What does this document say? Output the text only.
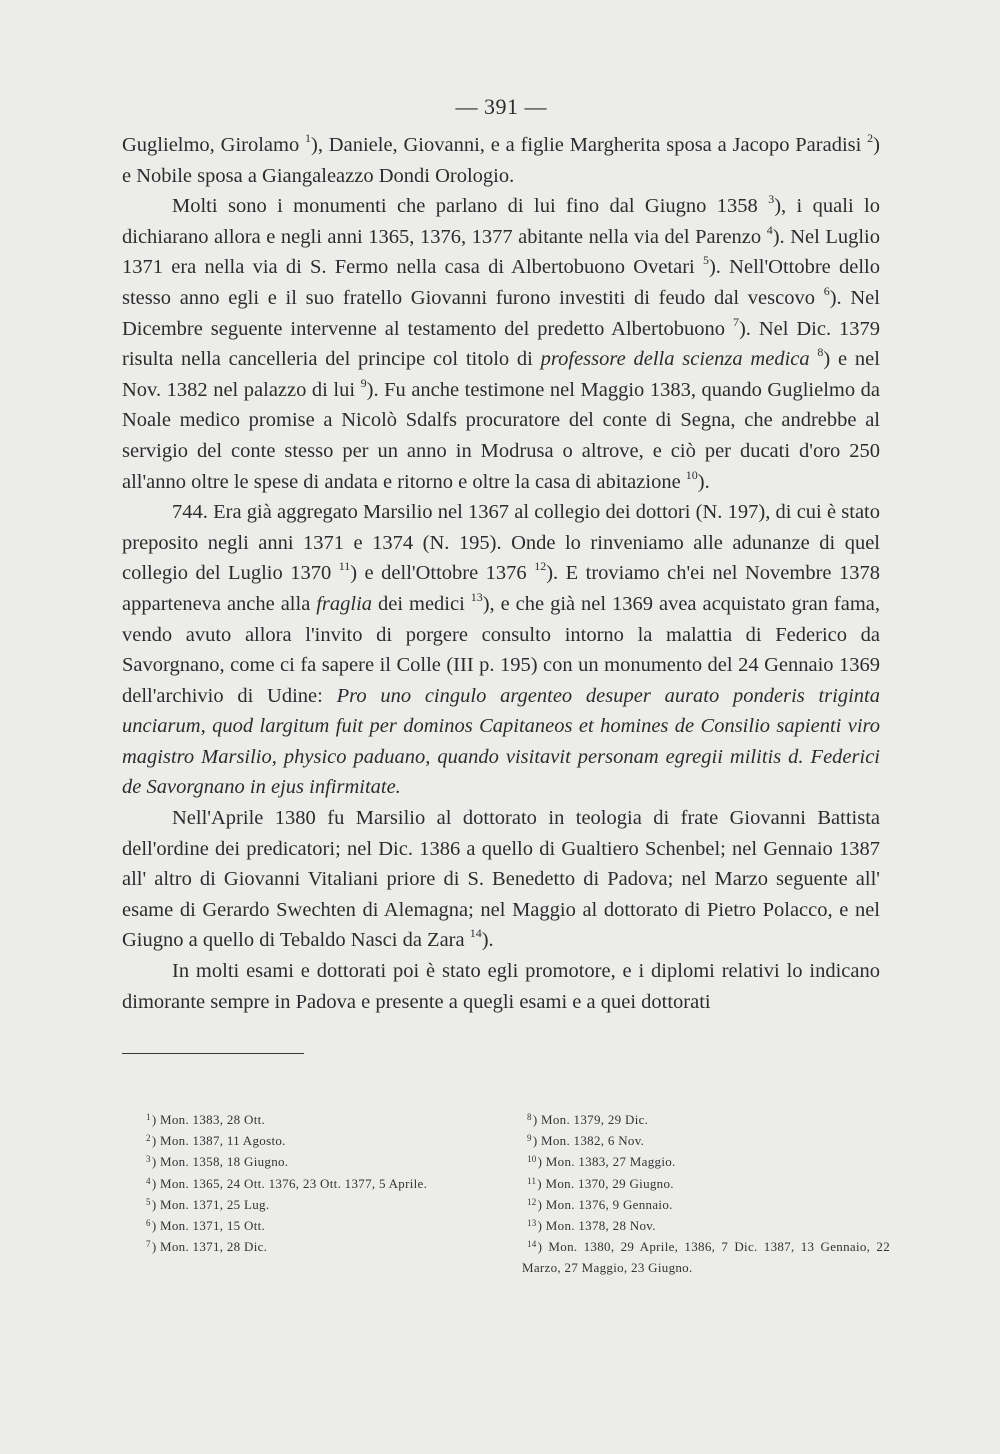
— 391 —

Guglielmo, Girolamo $^1$), Daniele, Giovanni, e a figlie Margherita sposa a Jacopo Paradisi $^2$) e Nobile sposa a Giangaleazzo Dondi Orologio.

Molti sono i monumenti che parlano di lui fino dal Giugno 1358 $^3$), i quali lo dichiarano allora e negli anni 1365, 1376, 1377 abitante nella via del Parenzo $^4$). Nel Luglio 1371 era nella via di S. Fermo nella casa di Albertobuono Ovetari $^5$). Nell'Ottobre dello stesso anno egli e il suo fratello Giovanni furono investiti di feudo dal vescovo $^6$). Nel Dicembre seguente intervenne al testamento del predetto Albertobuono $^7$). Nel Dic. 1379 risulta nella cancelleria del principe col titolo di professore della scienza medica $^8$) e nel Nov. 1382 nel palazzo di lui $^9$). Fu anche testimone nel Maggio 1383, quando Guglielmo da Noale medico promise a Nicolò Sdalfs procuratore del conte di Segna, che andrebbe al servigio del conte stesso per un anno in Modrusa o altrove, e ciò per ducati d'oro 250 all'anno oltre le spese di andata e ritorno e oltre la casa di abitazione $^{10}$).

744. Era già aggregato Marsilio nel 1367 al collegio dei dottori (N. 197), di cui è stato preposito negli anni 1371 e 1374 (N. 195). Onde lo rinveniamo alle adunanze di quel collegio del Luglio 1370 $^{11}$) e dell'Ottobre 1376 $^{12}$). E troviamo ch'ei nel Novembre 1378 apparteneva anche alla fraglia dei medici $^{13}$), e che già nel 1369 avea acquistato gran fama, vendo avuto allora l'invito di porgere consulto intorno la malattia di Federico da Savorgnano, come ci fa sapere il Colle (III p. 195) con un monumento del 24 Gennaio 1369 dell'archivio di Udine: Pro uno cingulo argenteo desuper aurato ponderis triginta unciarum, quod largitum fuit per dominos Capitaneos et homines de Consilio sapienti viro magistro Marsilio, physico paduano, quando visitavit personam egregii militis d. Federici de Savorgnano in ejus infirmitate.

Nell'Aprile 1380 fu Marsilio al dottorato in teologia di frate Giovanni Battista dell'ordine dei predicatori; nel Dic. 1386 a quello di Gualtiero Schenbel; nel Gennaio 1387 all' altro di Giovanni Vitaliani priore di S. Benedetto di Padova; nel Marzo seguente all' esame di Gerardo Swechten di Alemagna; nel Maggio al dottorato di Pietro Polacco, e nel Giugno a quello di Tebaldo Nasci da Zara $^{14}$).

In molti esami e dottorati poi è stato egli promotore, e i diplomi relativi lo indicano dimorante sempre in Padova e presente a quegli esami e a quei dottorati

$^1$) Mon. 1383, 28 Ott.

$^2$) Mon. 1387, 11 Agosto.

$^3$) Mon. 1358, 18 Giugno.

$^4$) Mon. 1365, 24 Ott. 1376, 23 Ott. 1377, 5 Aprile.

$^5$) Mon. 1371, 25 Lug.

$^6$) Mon. 1371, 15 Ott.

$^7$) Mon. 1371, 28 Dic.

$^8$) Mon. 1379, 29 Dic.

$^9$) Mon. 1382, 6 Nov.

$^{10}$) Mon. 1383, 27 Maggio.

$^{11}$) Mon. 1370, 29 Giugno.

$^{12}$) Mon. 1376, 9 Gennaio.

$^{13}$) Mon. 1378, 28 Nov.

$^{14}$) Mon. 1380, 29 Aprile, 1386, 7 Dic. 1387, 13 Gennaio, 22 Marzo, 27 Maggio, 23 Giugno.
